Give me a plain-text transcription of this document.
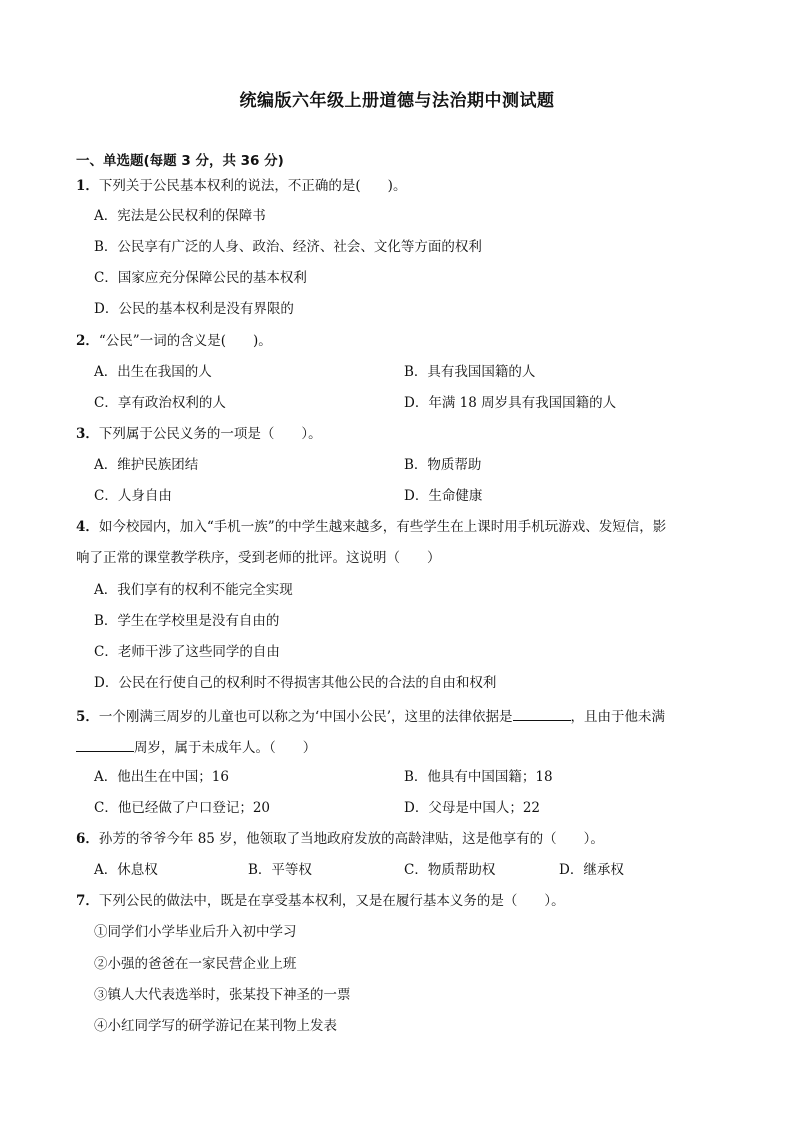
统编版六年级上册道德与法治期中测试题
一、单选题(每题 3 分，共 36 分)
1．下列关于公民基本权利的说法，不正确的是(　　)。
A．宪法是公民权利的保障书
B．公民享有广泛的人身、政治、经济、社会、文化等方面的权利
C．国家应充分保障公民的基本权利
D．公民的基本权利是没有界限的
2．“公民”一词的含义是(　　)。
A．出生在我国的人	B．具有我国国籍的人
C．享有政治权利的人	D．年满 18 周岁具有我国国籍的人
3．下列属于公民义务的一项是（　　）。
A．维护民族团结	B．物质帮助
C．人身自由	D．生命健康
4．如今校园内，加入“手机一族”的中学生越来越多，有些学生在上课时用手机玩游戏、发短信，影
响了正常的课堂教学秩序，受到老师的批评。这说明（　　）
A．我们享有的权利不能完全实现
B．学生在学校里是没有自由的
C．老师干涉了这些同学的自由
D．公民在行使自己的权利时不得损害其他公民的合法的自由和权利
5．一个刚满三周岁的儿童也可以称之为‘中国小公民’，这里的法律依据是	，且由于他未满
周岁，属于未成年人。（　　）
A．他出生在中国；16	B．他具有中国国籍；18
C．他已经做了户口登记；20	D．父母是中国人；22
6．孙芳的爷爷今年 85 岁，他领取了当地政府发放的高龄津贴，这是他享有的（　　）。
A．休息权	B．平等权	C．物质帮助权	D．继承权
7．下列公民的做法中，既是在享受基本权利，又是在履行基本义务的是（　　）。
①同学们小学毕业后升入初中学习
②小强的爸爸在一家民营企业上班
③镇人大代表选举时，张某投下神圣的一票
④小红同学写的研学游记在某刊物上发表
